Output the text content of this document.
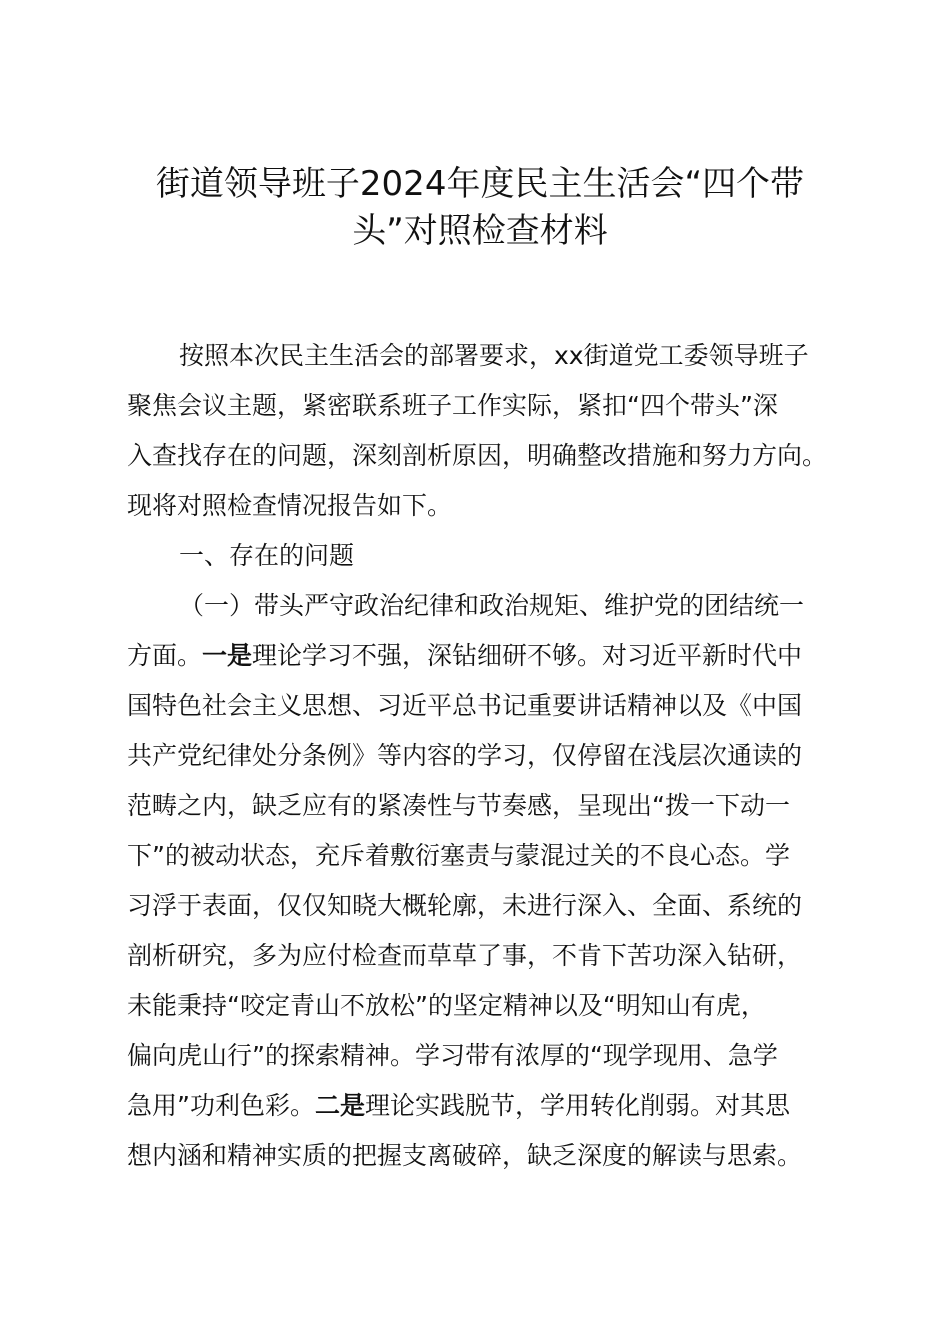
街道领导班子2024年度民主生活会“四个带
头”对照检查材料
按照本次民主生活会的部署要求，xx街道党工委领导班子
聚焦会议主题，紧密联系班子工作实际，紧扣“四个带头”深
入查找存在的问题，深刻剖析原因，明确整改措施和努力方向。
现将对照检查情况报告如下。
一、存在的问题
（一）带头严守政治纪律和政治规矩、维护党的团结统一
方面。一是理论学习不强，深钻细研不够。对习近平新时代中
国特色社会主义思想、习近平总书记重要讲话精神以及《中国
共产党纪律处分条例》等内容的学习，仅停留在浅层次通读的
范畴之内，缺乏应有的紧凑性与节奏感，呈现出“拨一下动一
下”的被动状态，充斥着敷衍塞责与蒙混过关的不良心态。学
习浮于表面，仅仅知晓大概轮廓，未进行深入、全面、系统的
剖析研究，多为应付检查而草草了事，不肯下苦功深入钻研，
未能秉持“咬定青山不放松”的坚定精神以及“明知山有虎，
偏向虎山行”的探索精神。学习带有浓厚的“现学现用、急学
急用”功利色彩。二是理论实践脱节，学用转化削弱。对其思
想内涵和精神实质的把握支离破碎，缺乏深度的解读与思索。
